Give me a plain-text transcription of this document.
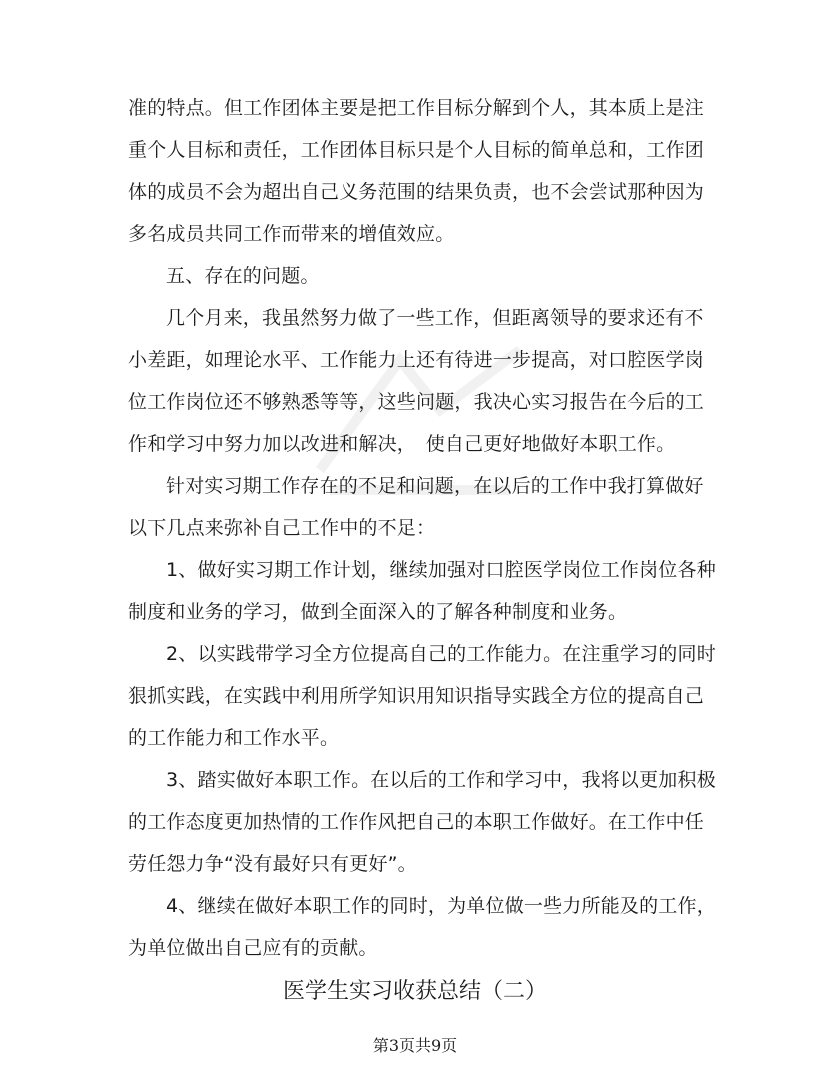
准的特点。但工作团体主要是把工作目标分解到个人，其本质上是注
重个人目标和责任，工作团体目标只是个人目标的简单总和，工作团
体的成员不会为超出自己义务范围的结果负责，也不会尝试那种因为
多名成员共同工作而带来的增值效应。
五、存在的问题。
几个月来，我虽然努力做了一些工作，但距离领导的要求还有不
小差距，如理论水平、工作能力上还有待进一步提高，对口腔医学岗
位工作岗位还不够熟悉等等，这些问题，我决心实习报告在今后的工
作和学习中努力加以改进和解决，　使自己更好地做好本职工作。
针对实习期工作存在的不足和问题，在以后的工作中我打算做好
以下几点来弥补自己工作中的不足：
1、做好实习期工作计划，继续加强对口腔医学岗位工作岗位各种
制度和业务的学习，做到全面深入的了解各种制度和业务。
2、以实践带学习全方位提高自己的工作能力。在注重学习的同时
狠抓实践，在实践中利用所学知识用知识指导实践全方位的提高自己
的工作能力和工作水平。
3、踏实做好本职工作。在以后的工作和学习中，我将以更加积极
的工作态度更加热情的工作作风把自己的本职工作做好。在工作中任
劳任怨力争“没有最好只有更好”。
4、继续在做好本职工作的同时，为单位做一些力所能及的工作，
为单位做出自己应有的贡献。
医学生实习收获总结（二）
第3页共9页
